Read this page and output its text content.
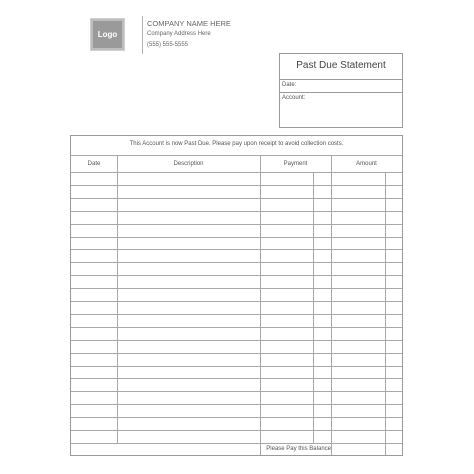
Logo
COMPANY NAME HERE
Company Address Here
(555) 555-5555
Past Due Statement
Date:
Account:
This Account is now Past Due. Please pay upon receipt to avoid collection costs.
Date	Description	Payment	Amount
Please Pay this Balance
